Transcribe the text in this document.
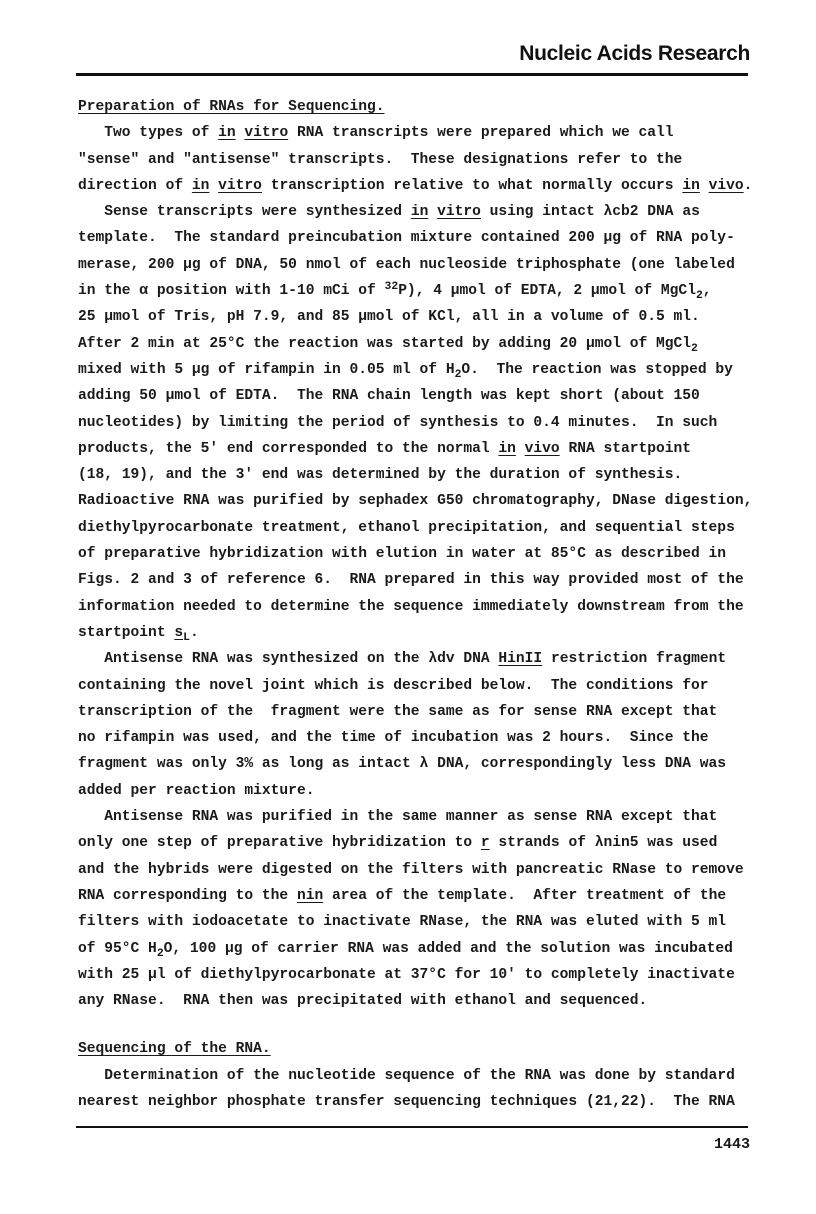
Nucleic Acids Research
Preparation of RNAs for Sequencing.
Two types of in vitro RNA transcripts were prepared which we call
"sense" and "antisense" transcripts.  These designations refer to the
direction of in vitro transcription relative to what normally occurs in vivo.
Sense transcripts were synthesized in vitro using intact λcb2 DNA as
template.  The standard preincubation mixture contained 200 μg of RNA poly-
merase, 200 μg of DNA, 50 nmol of each nucleoside triphosphate (one labeled
in the α position with 1-10 mCi of $^{32}$P), 4 μmol of EDTA, 2 μmol of MgCl$_2$,
25 μmol of Tris, pH 7.9, and 85 μmol of KCl, all in a volume of 0.5 ml.
After 2 min at 25°C the reaction was started by adding 20 μmol of MgCl$_2$
mixed with 5 μg of rifampin in 0.05 ml of $H_2O$.  The reaction was stopped by
adding 50 μmol of EDTA.  The RNA chain length was kept short (about 150
nucleotides) by limiting the period of synthesis to 0.4 minutes.  In such
products, the 5' end corresponded to the normal in vivo RNA startpoint
(18, 19), and the 3' end was determined by the duration of synthesis.
Radioactive RNA was purified by sephadex G50 chromatography, DNase digestion,
diethylpyrocarbonate treatment, ethanol precipitation, and sequential steps
of preparative hybridization with elution in water at 85°C as described in
Figs. 2 and 3 of reference 6.  RNA prepared in this way provided most of the
information needed to determine the sequence immediately downstream from the
startpoint $s_L$.
Antisense RNA was synthesized on the λdv DNA HinII restriction fragment
containing the novel joint which is described below.  The conditions for
transcription of the  fragment were the same as for sense RNA except that
no rifampin was used, and the time of incubation was 2 hours.  Since the
fragment was only 3% as long as intact λ DNA, correspondingly less DNA was
added per reaction mixture.
Antisense RNA was purified in the same manner as sense RNA except that
only one step of preparative hybridization to r strands of λnin5 was used
and the hybrids were digested on the filters with pancreatic RNase to remove
RNA corresponding to the nin area of the template.  After treatment of the
filters with iodoacetate to inactivate RNase, the RNA was eluted with 5 ml
of 95°C $H_2O$, 100 μg of carrier RNA was added and the solution was incubated
with 25 μl of diethylpyrocarbonate at 37°C for 10' to completely inactivate
any RNase.  RNA then was precipitated with ethanol and sequenced.
Sequencing of the RNA.
Determination of the nucleotide sequence of the RNA was done by standard
nearest neighbor phosphate transfer sequencing techniques (21,22).  The RNA
1443
